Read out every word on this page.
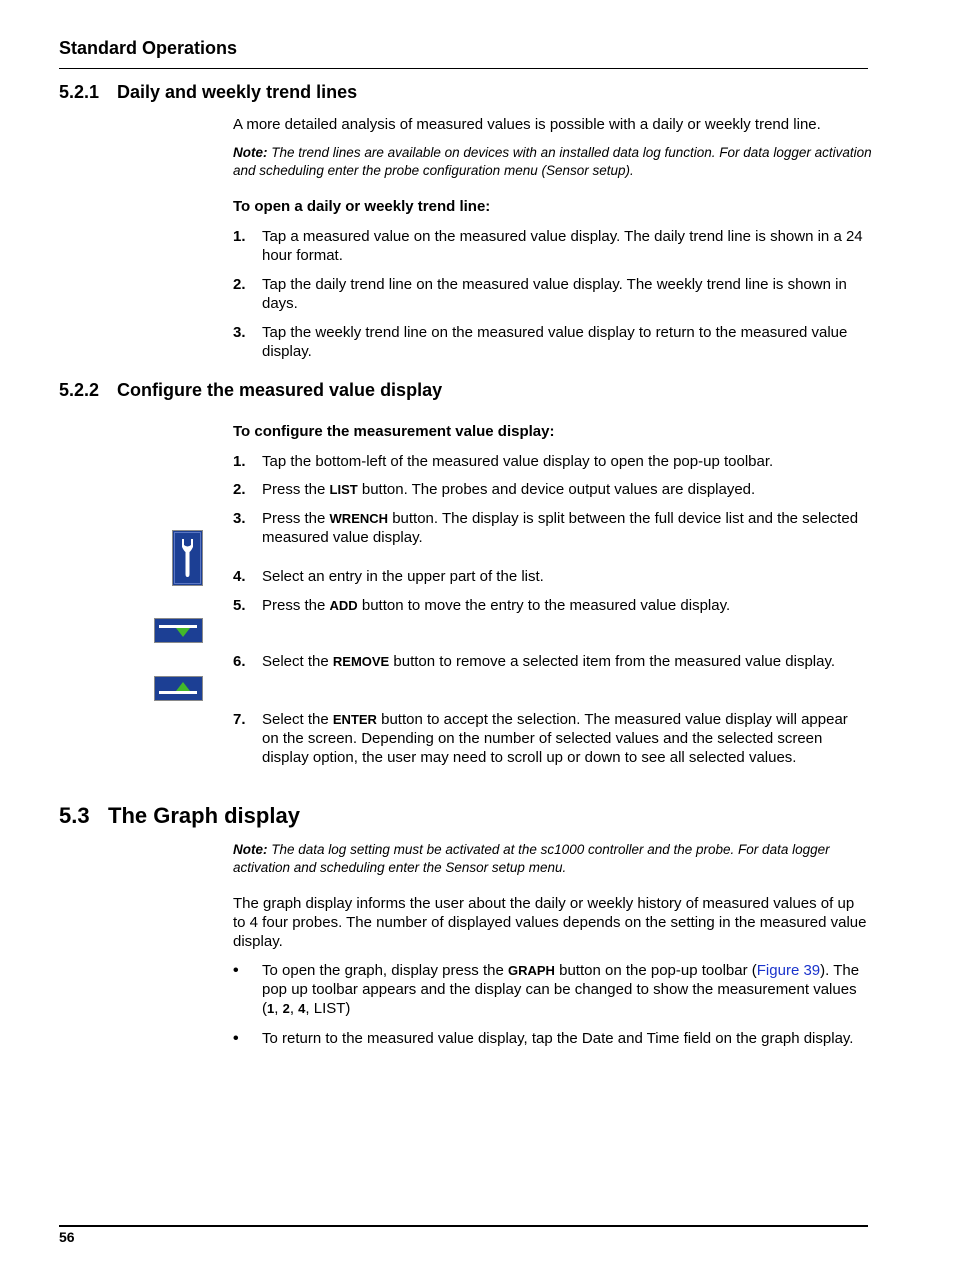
Standard Operations
5.2.1 Daily and weekly trend lines
A more detailed analysis of measured values is possible with a daily or weekly trend line.
Note: The trend lines are available on devices with an installed data log function. For data logger activation and scheduling enter the probe configuration menu (Sensor setup).
To open a daily or weekly trend line:
1. Tap a measured value on the measured value display. The daily trend line is shown in a 24 hour format.
2. Tap the daily trend line on the measured value display. The weekly trend line is shown in days.
3. Tap the weekly trend line on the measured value display to return to the measured value display.
5.2.2 Configure the measured value display
To configure the measurement value display:
1. Tap the bottom-left of the measured value display to open the pop-up toolbar.
2. Press the LIST button. The probes and device output values are displayed.
3. Press the WRENCH button. The display is split between the full device list and the selected measured value display.
4. Select an entry in the upper part of the list.
5. Press the ADD button to move the entry to the measured value display.
6. Select the REMOVE button to remove a selected item from the measured value display.
7. Select the ENTER button to accept the selection. The measured value display will appear on the screen. Depending on the number of selected values and the selected screen display option, the user may need to scroll up or down to see all selected values.
5.3 The Graph display
Note: The data log setting must be activated at the sc1000 controller and the probe. For data logger activation and scheduling enter the Sensor setup menu.
The graph display informs the user about the daily or weekly history of measured values of up to 4 four probes. The number of displayed values depends on the setting in the measured value display.
• To open the graph, display press the GRAPH button on the pop-up toolbar (Figure 39). The pop up toolbar appears and the display can be changed to show the measurement values (1, 2, 4, LIST)
• To return to the measured value display, tap the Date and Time field on the graph display.
56
